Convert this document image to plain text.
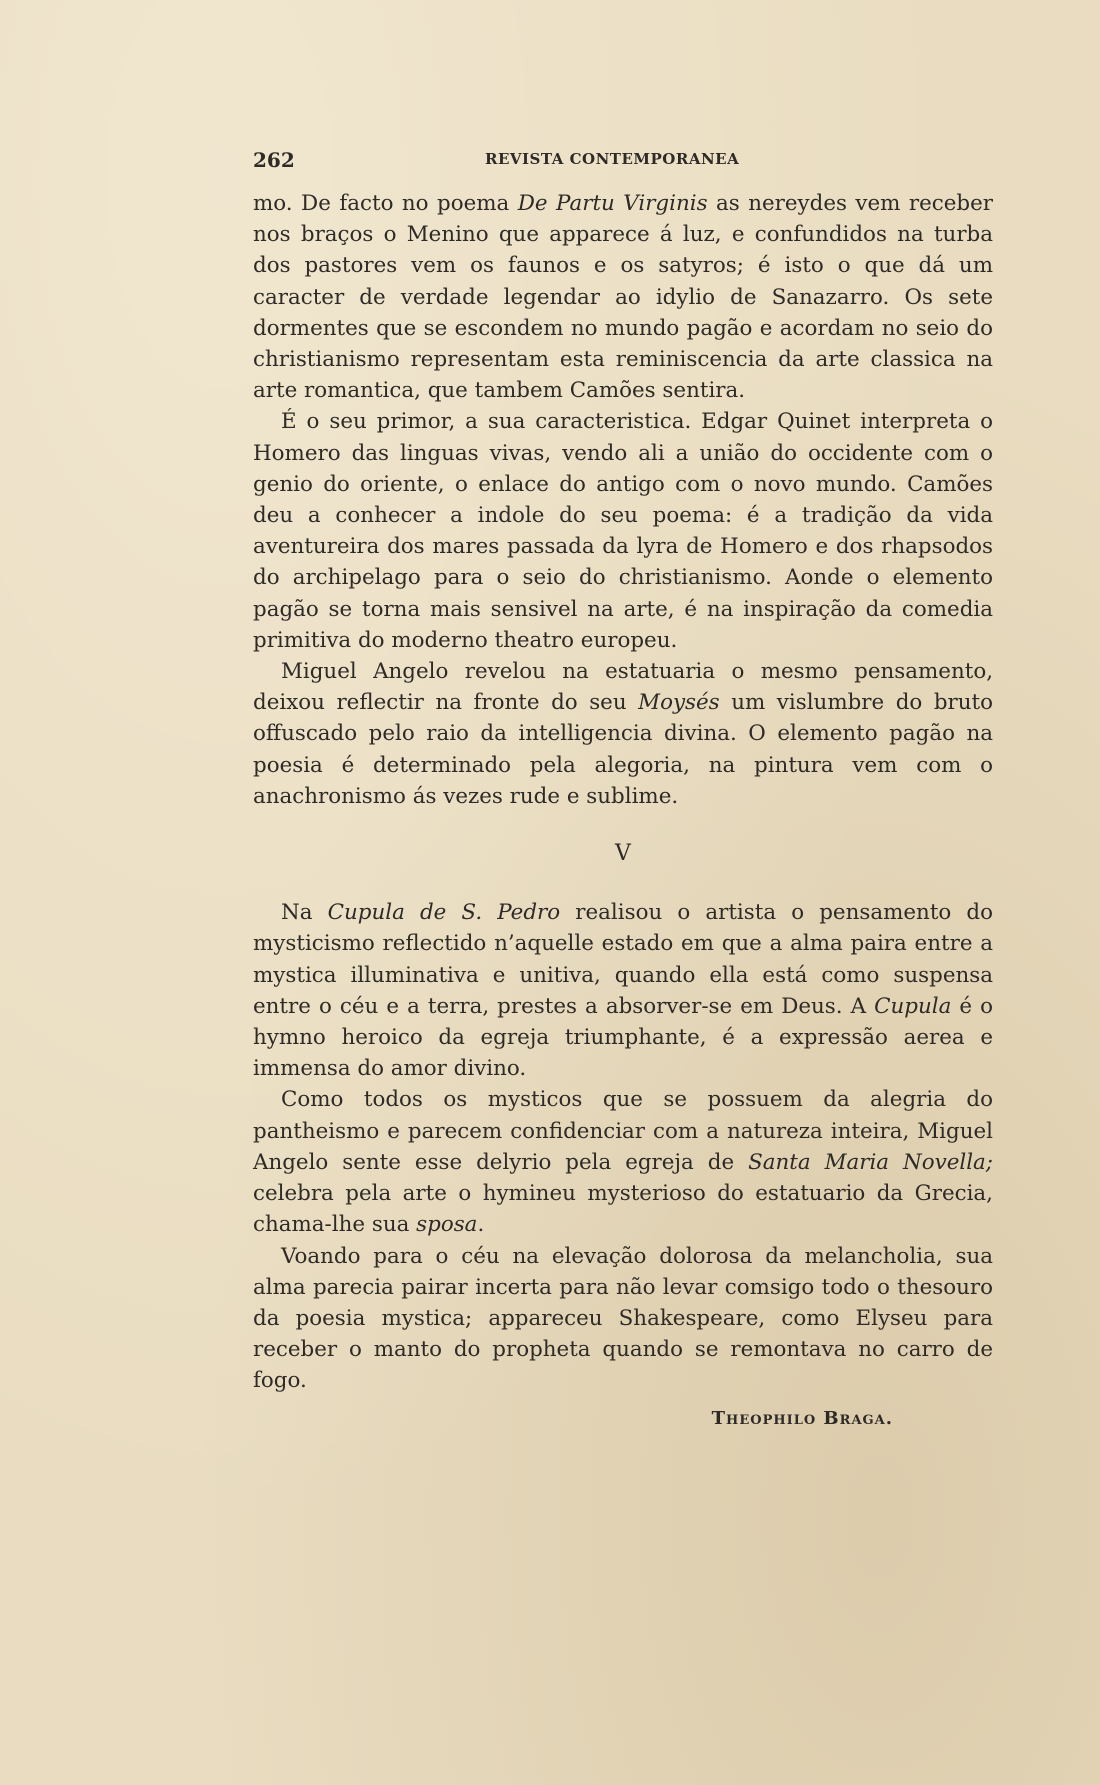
262	REVISTA CONTEMPORANEA

mo. De facto no poema De Partu Virginis as nereydes vem receber nos braços o Menino que apparece á luz, e confundidos na turba dos pastores vem os faunos e os satyros; é isto o que dá um caracter de verdade legendar ao idylio de Sanazarro. Os sete dormentes que se escondem no mundo pagão e acordam no seio do christianismo representam esta reminiscencia da arte classica na arte romantica, que tambem Camões sentira.

É o seu primor, a sua caracteristica. Edgar Quinet interpreta o Homero das linguas vivas, vendo ali a união do occidente com o genio do oriente, o enlace do antigo com o novo mundo. Camões deu a conhecer a indole do seu poema: é a tradição da vida aventureira dos mares passada da lyra de Homero e dos rhapsodos do archipelago para o seio do christianismo. Aonde o elemento pagão se torna mais sensivel na arte, é na inspiração da comedia primitiva do moderno theatro europeu.

Miguel Angelo revelou na estatuaria o mesmo pensamento, deixou reflectir na fronte do seu Moysés um vislumbre do bruto offuscado pelo raio da intelligencia divina. O elemento pagão na poesia é determinado pela alegoria, na pintura vem com o anachronismo ás vezes rude e sublime.

V

Na Cupula de S. Pedro realisou o artista o pensamento do mysticismo reflectido n’aquelle estado em que a alma paira entre a mystica illuminativa e unitiva, quando ella está como suspensa entre o céu e a terra, prestes a absorver-se em Deus. A Cupula é o hymno heroico da egreja triumphante, é a expressão aerea e immensa do amor divino.

Como todos os mysticos que se possuem da alegria do pantheismo e parecem confidenciar com a natureza inteira, Miguel Angelo sente esse delyrio pela egreja de Santa Maria Novella; celebra pela arte o hymineu mysterioso do estatuario da Grecia, chama-lhe sua sposa.

Voando para o céu na elevação dolorosa da melancholia, sua alma parecia pairar incerta para não levar comsigo todo o thesouro da poesia mystica; appareceu Shakespeare, como Elyseu para receber o manto do propheta quando se remontava no carro de fogo.

Theophilo Braga.
